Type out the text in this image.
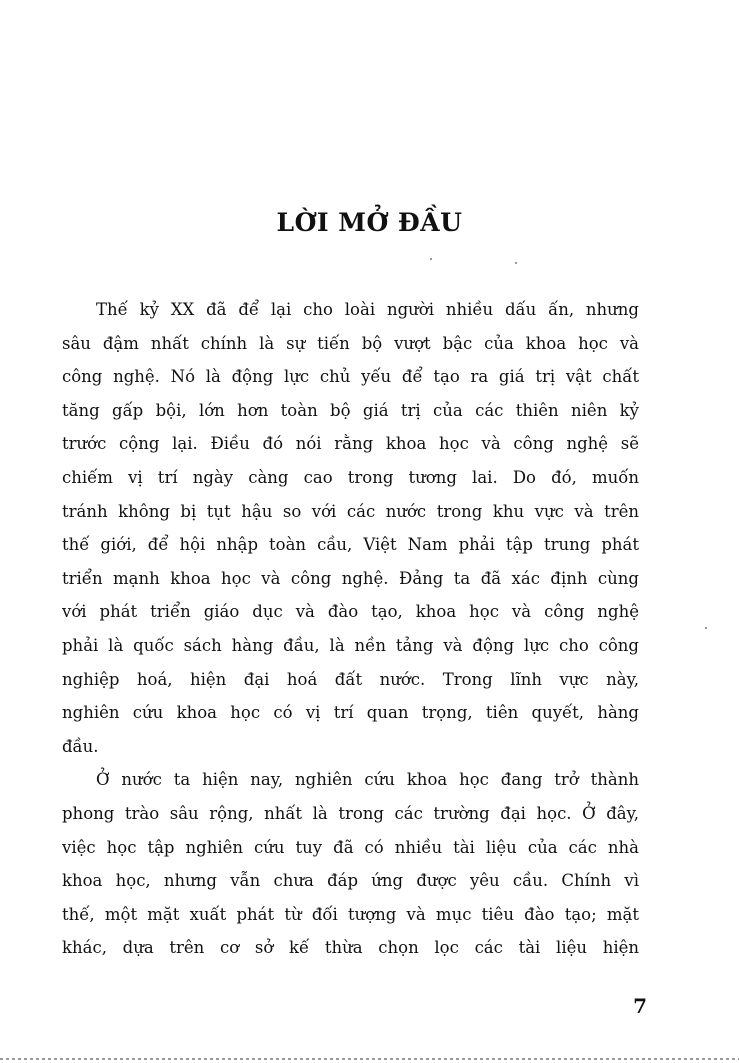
LỜI MỞ ĐẦU
Thế kỷ XX đã để lại cho loài người nhiều dấu ấn, nhưng
sâu đậm nhất chính là sự tiến bộ vượt bậc của khoa học và
công nghệ. Nó là động lực chủ yếu để tạo ra giá trị vật chất
tăng gấp bội, lớn hơn toàn bộ giá trị của các thiên niên kỷ
trước cộng lại. Điều đó nói rằng khoa học và công nghệ sẽ
chiếm vị trí ngày càng cao trong tương lai. Do đó, muốn
tránh không bị tụt hậu so với các nước trong khu vực và trên
thế giới, để hội nhập toàn cầu, Việt Nam phải tập trung phát
triển mạnh khoa học và công nghệ. Đảng ta đã xác định cùng
với phát triển giáo dục và đào tạo, khoa học và công nghệ
phải là quốc sách hàng đầu, là nền tảng và động lực cho công
nghiệp hoá, hiện đại hoá đất nước. Trong lĩnh vực này,
nghiên cứu khoa học có vị trí quan trọng, tiên quyết, hàng
đầu.
Ở nước ta hiện nay, nghiên cứu khoa học đang trở thành
phong trào sâu rộng, nhất là trong các trường đại học. Ở đây,
việc học tập nghiên cứu tuy đã có nhiều tài liệu của các nhà
khoa học, nhưng vẫn chưa đáp ứng được yêu cầu. Chính vì
thế, một mặt xuất phát từ đối tượng và mục tiêu đào tạo; mặt
khác, dựa trên cơ sở kế thừa chọn lọc các tài liệu hiện
7
